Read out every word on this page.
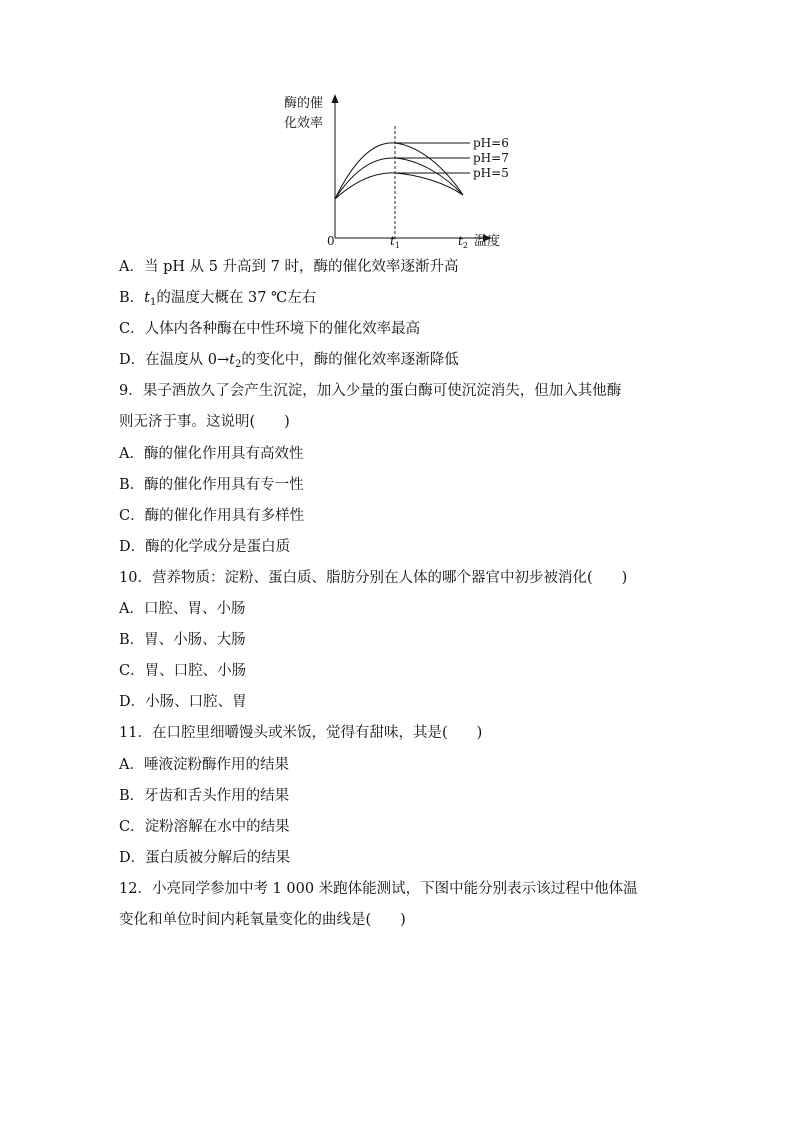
pH=6
pH=7
pH=5
酶的催
化效率
0	$t_1$	$t_2$ 温度
A．当 pH 从 5 升高到 7 时，酶的催化效率逐渐升高
B．$t_1$的温度大概在 37 ℃左右
C．人体内各种酶在中性环境下的催化效率最高
D．在温度从 $0\to t_2$的变化中，酶的催化效率逐渐降低
9．果子酒放久了会产生沉淀，加入少量的蛋白酶可使沉淀消失，但加入其他酶
则无济于事。这说明(　　)
A．酶的催化作用具有高效性
B．酶的催化作用具有专一性
C．酶的催化作用具有多样性
D．酶的化学成分是蛋白质
10．营养物质：淀粉、蛋白质、脂肪分别在人体的哪个器官中初步被消化(　　)
A．口腔、胃、小肠
B．胃、小肠、大肠
C．胃、口腔、小肠
D．小肠、口腔、胃
11．在口腔里细嚼馒头或米饭，觉得有甜味，其是(　　)
A．唾液淀粉酶作用的结果
B．牙齿和舌头作用的结果
C．淀粉溶解在水中的结果
D．蛋白质被分解后的结果
12．小亮同学参加中考 1 000 米跑体能测试，下图中能分别表示该过程中他体温
变化和单位时间内耗氧量变化的曲线是(　　)
